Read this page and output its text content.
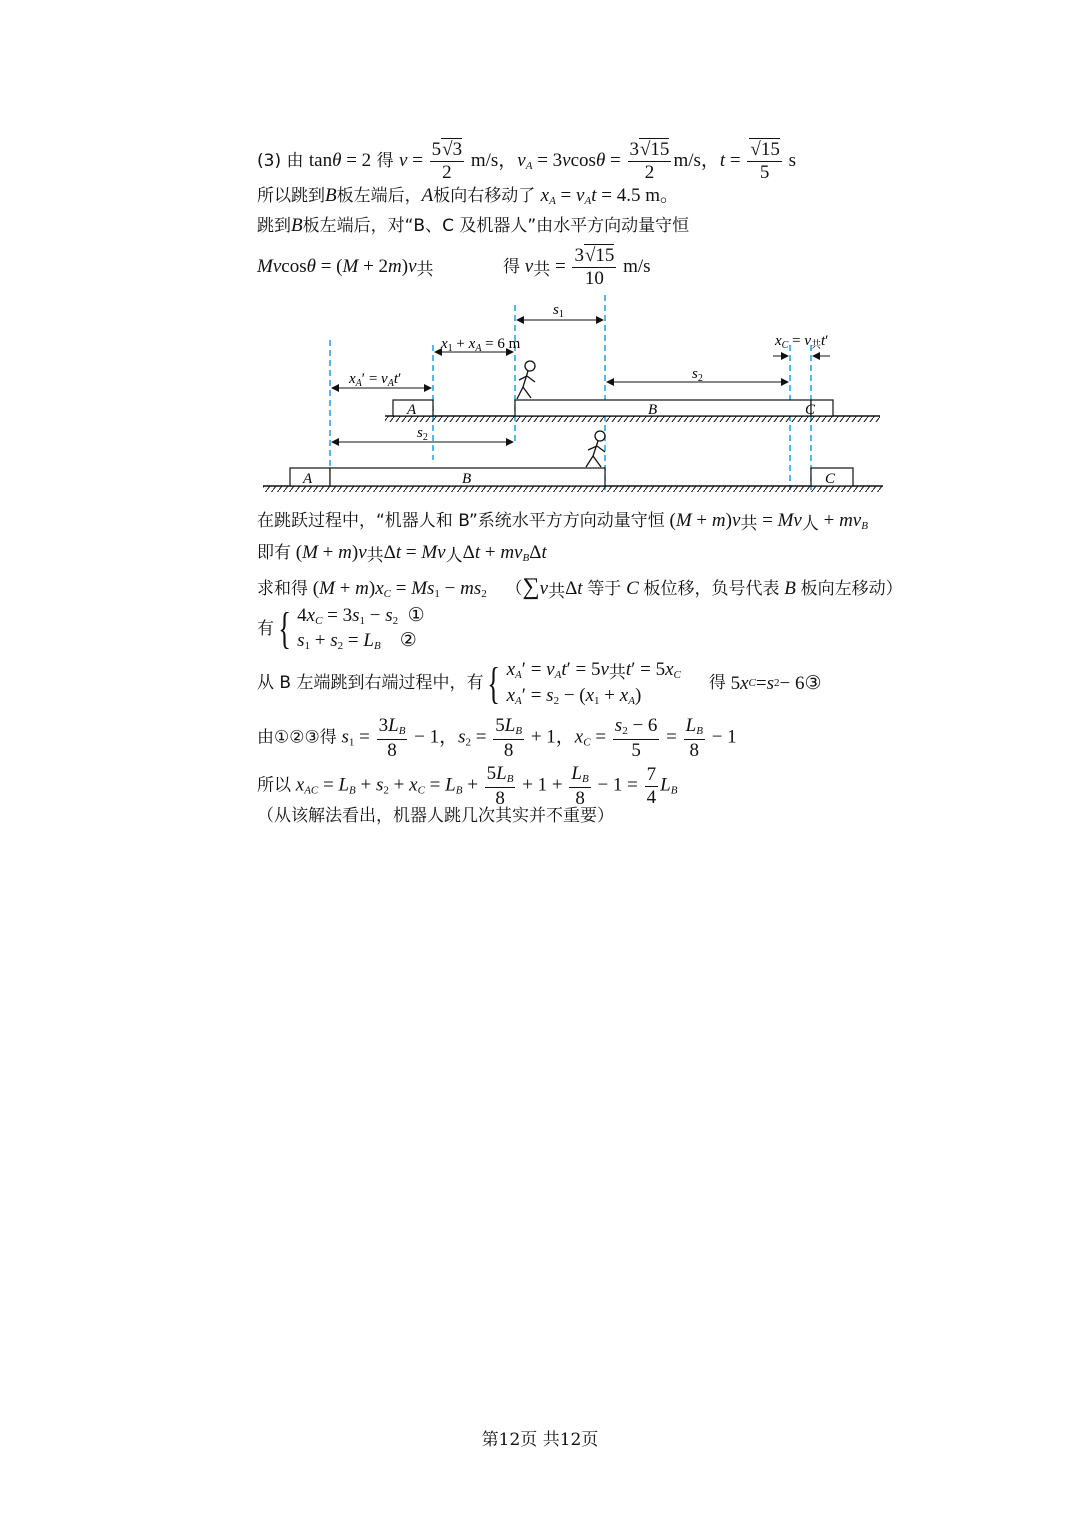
(3) 由 tanθ = 2 得 $v = \frac{5√3}{2} m/s$，$v_A = 3vcos\theta = \frac{3√15}{2} m/s$，$t = \frac{√15}{5}$ s
所以跳到B板左端后，A板向右移动了 $x_A = v_At = 4.5$ m。
跳到B板左端后，对“B、C 及机器人”由水平方向动量守恒
$Mvcos\theta = (M + 2m)v_共$	得 $v_共 = \frac{3√15}{10} m/s$
A	B	C
A	B	C
$s_1$
$x_1 + x_A = 6$ m
$x_A' = v_At'$	$s_2$
$x_C = v_共t'$
$s_2$
在跳跃过程中，“机器人和 B”系统水平方方向动量守恒 $(M + m)v_共 = Mv_人 + mv_B$
即有 $(M + m)v_共\Delta t = Mv_人\Delta t + mv_B\Delta t$
求和得 $(M + m)x_C = Ms_1 - ms_2$ （$\sum v_共\Delta t$ 等于 C 板位移，负号代表 B 板向左移动）
有 { $4x_C = 3s_1 - s_2$ ①
$s_1 + s_2 = L_B$ ②
从 B 左端跳到右端过程中，有 { $x_A' = v_At' = 5v_共t' = 5x_C$
$x_A' = s_2 - (x_1 + x_A)$
得 5 x C = s 2 − 6 ③
由①②③得 $s_1 = \frac{3L_B}{8} - 1$，$s_2 = \frac{5L_B}{8} + 1$，$x_C = \frac{s_2 - 6}{5} = \frac{L_B}{8} - 1$
所以 $x_{AC} = L_B + s_2 + x_C = L_B + \frac{5L_B}{8} + 1 + \frac{L_B}{8} - 1 = \frac{7}{4} L_B$
（从该解法看出，机器人跳几次其实并不重要）
第12页 共12页
